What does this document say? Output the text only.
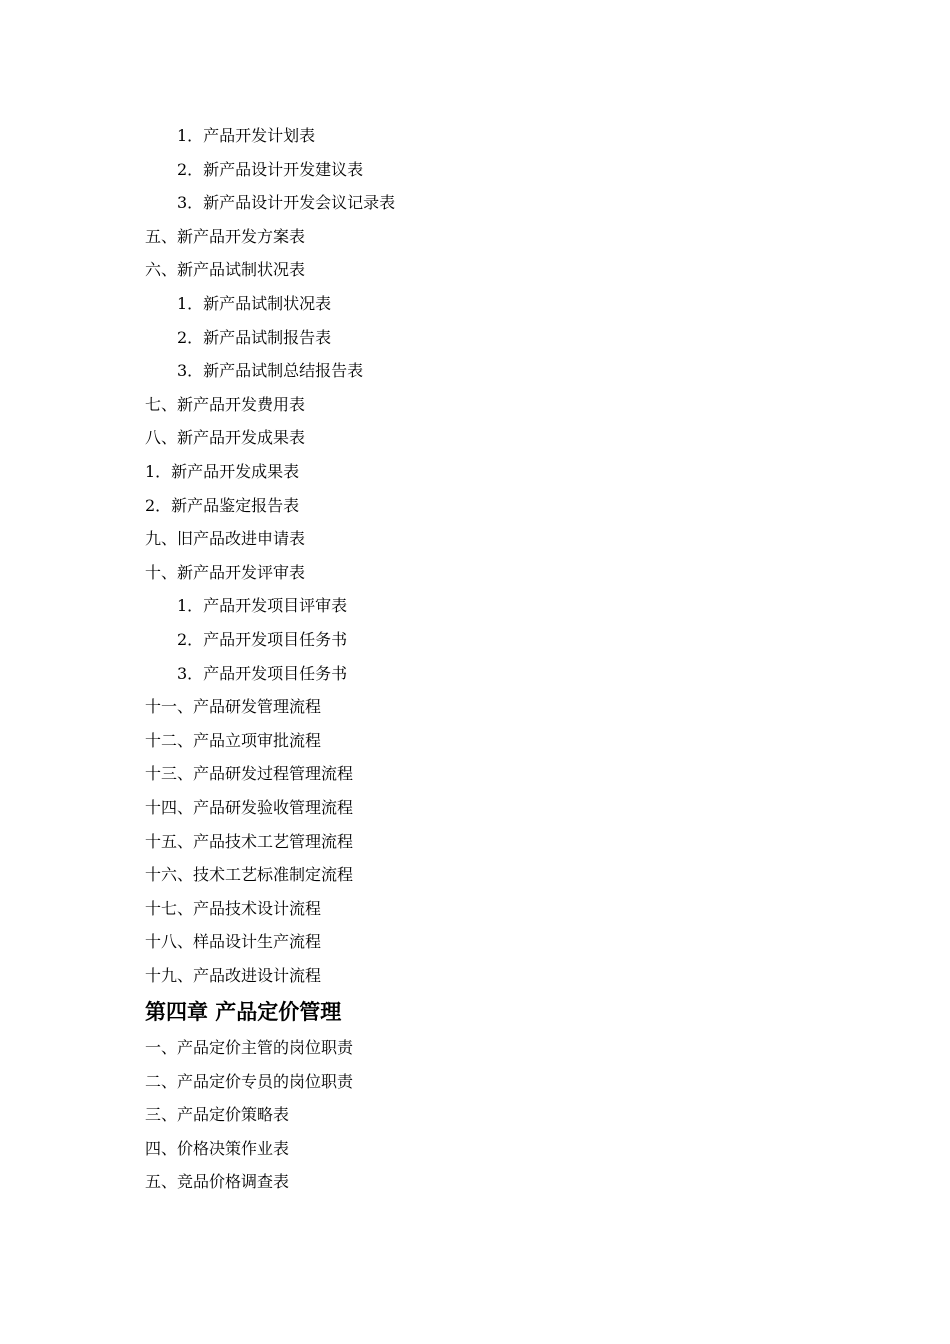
1．产品开发计划表
2．新产品设计开发建议表
3．新产品设计开发会议记录表
五、新产品开发方案表
六、新产品试制状况表
1．新产品试制状况表
2．新产品试制报告表
3．新产品试制总结报告表
七、新产品开发费用表
八、新产品开发成果表
1．新产品开发成果表
2．新产品鉴定报告表
九、旧产品改进申请表
十、新产品开发评审表
1．产品开发项目评审表
2．产品开发项目任务书
3．产品开发项目任务书
十一、产品研发管理流程
十二、产品立项审批流程
十三、产品研发过程管理流程
十四、产品研发验收管理流程
十五、产品技术工艺管理流程
十六、技术工艺标准制定流程
十七、产品技术设计流程
十八、样品设计生产流程
十九、产品改进设计流程
第四章 产品定价管理
一、产品定价主管的岗位职责
二、产品定价专员的岗位职责
三、产品定价策略表
四、价格决策作业表
五、竞品价格调查表
